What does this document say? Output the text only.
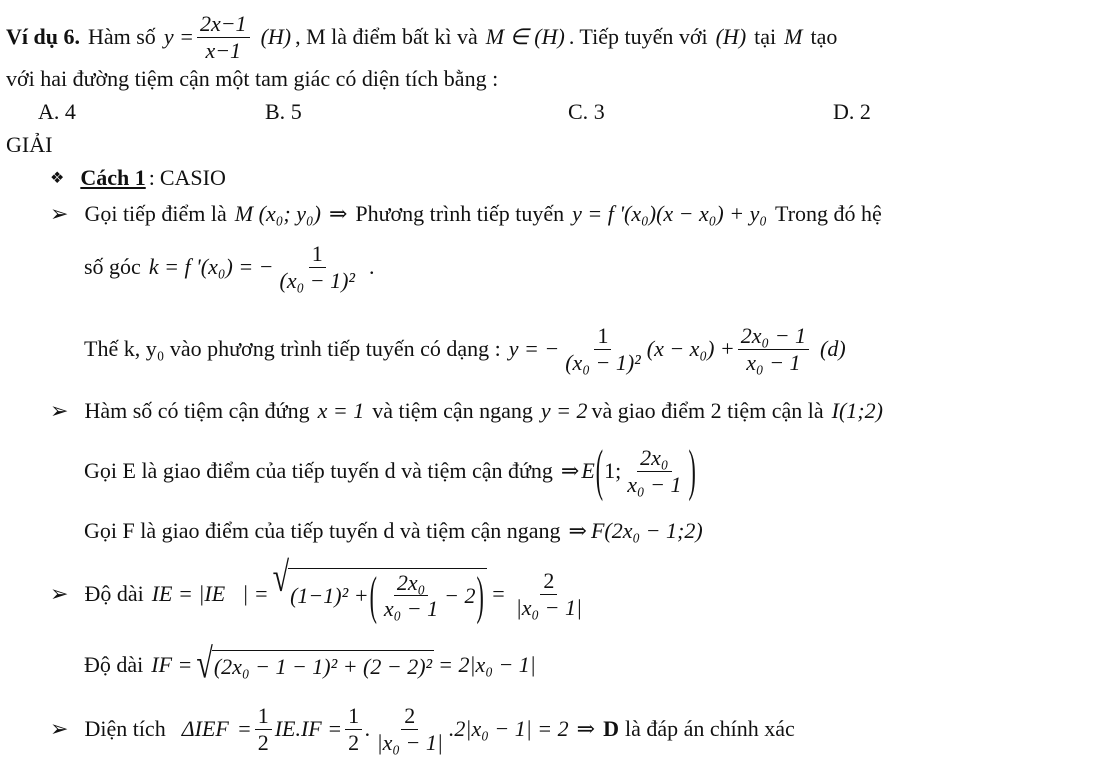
Ví dụ 6. Hàm số $y = \frac{2x-1}{x-1} (H)$ , M là điểm bất kì và M ∈ (H) . Tiếp tuyến với (H) tại M tạo
với hai đường tiệm cận một tam giác có diện tích bằng :
A.
4	B.
5	C.
3	D.
2
GIẢI
❖ Cách 1 : CASIO
➢ Gọi tiếp điểm là M (x₀; y₀) ⇒ Phương trình tiếp tuyến y = f '(x₀)(x − x₀) + y₀ Trong đó hệ
số góc k = f '(x₀) = − $\frac{1}{\text{(x₀ − 1)²}}$ .
Thế k, y₀ vào phương trình tiếp tuyến có dạng : y = − $\frac{1}{\text{(x₀ − 1)²}} (x - x_0) + \frac{\text{2x₀ − 1}}{\text{x₀ − 1}} (d)$
➢ Hàm số có tiệm cận đứng x = 1 và tiệm cận ngang y = 2 và giao điểm 2 tiệm cận là I(1;2)
Gọi E là giao điểm của tiếp tuyến d và tiệm cận đứng ⇒ E ( 1; $\frac{\text{2x₀}}{\text{x₀ − 1}}$ )
Gọi F là giao điểm của tiếp tuyến d và tiệm cận ngang ⇒ F(2x₀ − 1;2)
➢ Độ dài IE = |IE⃗| = √ (1−1)² + ( $\frac{\text{2x₀}}{\text{x₀ − 1}} - 2$ ) = $\frac{2}{\text{|x₀ − 1|}}$
Độ dài IF = √ (2x₀ − 1 − 1)² + (2 − 2)² = 2|x₀ − 1|
➢ Diện tích $\Delta IEF = \frac{1}{2} IE.IF = \frac{1}{2}$ . $\frac{2}{\text{|x₀ − 1|}} .2|x_0 - 1| = 2$ ⇒ D là đáp án chính xác
